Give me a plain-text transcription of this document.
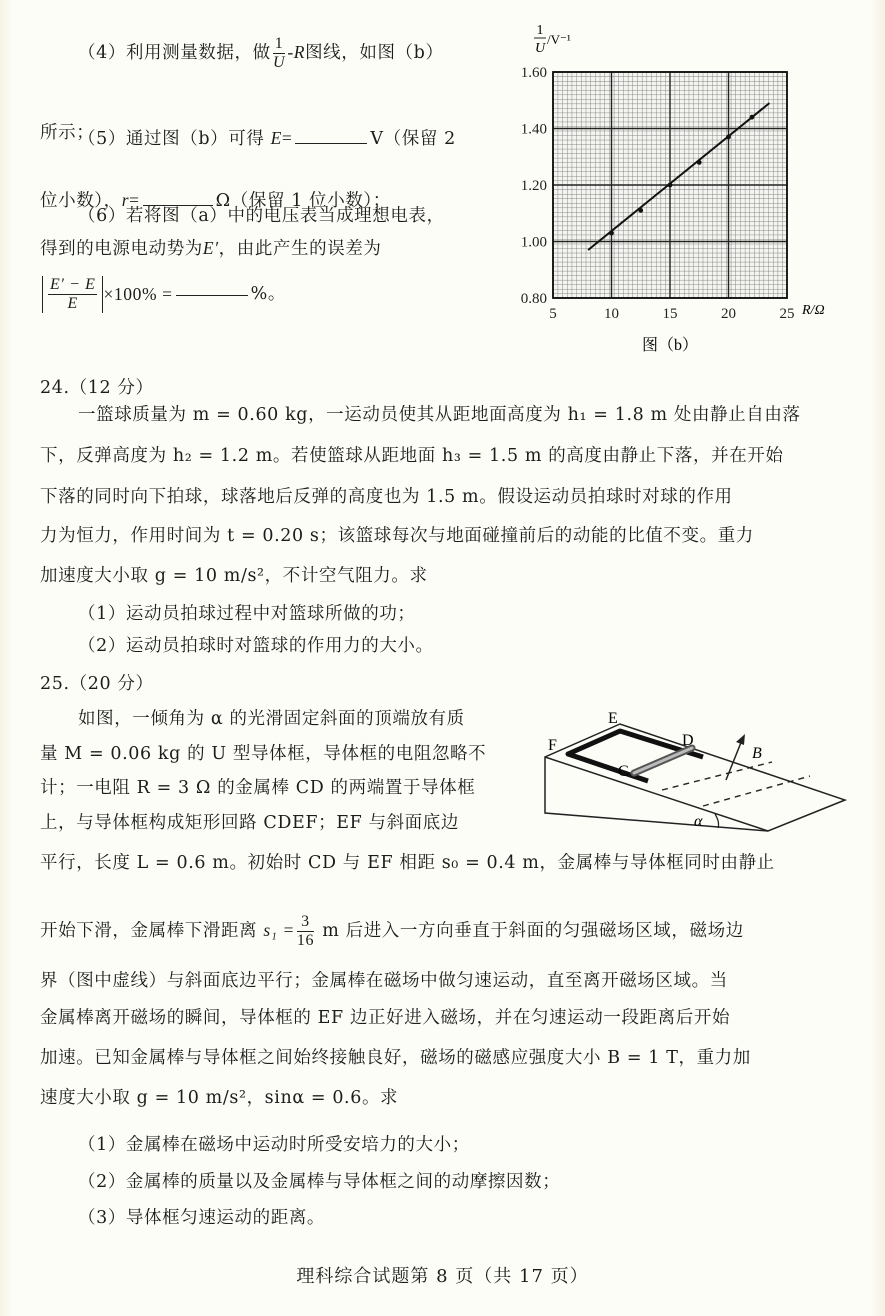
（4）利用测量数据，做 $\frac{1}{U} -R$图线，如图（b）
所示；
（5）通过图（b）可得 E=	V（保留 2
位小数），r=	Ω（保留 1 位小数）；
（6）若将图（a）中的电压表当成理想电表，
得到的电源电动势为E′，由此产生的误差为
$\frac{E' - E}{E} \times 100\%$ =	%。	0.80
1.00
1.20
1.40
1.60
5	10	15	20	25
1
U
/V⁻¹
R/Ω
图（b）
24.（12 分）
一篮球质量为 m = 0.60 kg，一运动员使其从距地面高度为 h₁ = 1.8 m 处由静止自由落
下，反弹高度为 h₂ = 1.2 m。若使篮球从距地面 h₃ = 1.5 m 的高度由静止下落，并在开始
下落的同时向下拍球，球落地后反弹的高度也为 1.5 m。假设运动员拍球时对球的作用
力为恒力，作用时间为 t = 0.20 s；该篮球每次与地面碰撞前后的动能的比值不变。重力
加速度大小取 g = 10 m/s²，不计空气阻力。求
（1）运动员拍球过程中对篮球所做的功；
（2）运动员拍球时对篮球的作用力的大小。
25.（20 分）
如图，一倾角为 α 的光滑固定斜面的顶端放有质
量 M = 0.06 kg 的 U 型导体框，导体框的电阻忽略不
计；一电阻 R = 3 Ω 的金属棒 CD 的两端置于导体框
上，与导体框构成矩形回路 CDEF；EF 与斜面底边
平行，长度 L = 0.6 m。初始时 CD 与 EF 相距 s₀ = 0.4 m，金属棒与导体框同时由静止
开始下滑，金属棒下滑距离 $s_1 = \frac{3}{16}$ m 后进入一方向垂直于斜面的匀强磁场区域，磁场边
界（图中虚线）与斜面底边平行；金属棒在磁场中做匀速运动，直至离开磁场区域。当
金属棒离开磁场的瞬间，导体框的 EF 边正好进入磁场，并在匀速运动一段距离后开始
加速。已知金属棒与导体框之间始终接触良好，磁场的磁感应强度大小 B = 1 T，重力加
速度大小取 g = 10 m/s²，sinα = 0.6。求
（1）金属棒在磁场中运动时所受安培力的大小；
（2）金属棒的质量以及金属棒与导体框之间的动摩擦因数；
（3）导体框匀速运动的距离。
E
F
C
D
B
α
理科综合试题第 8 页（共 17 页）
